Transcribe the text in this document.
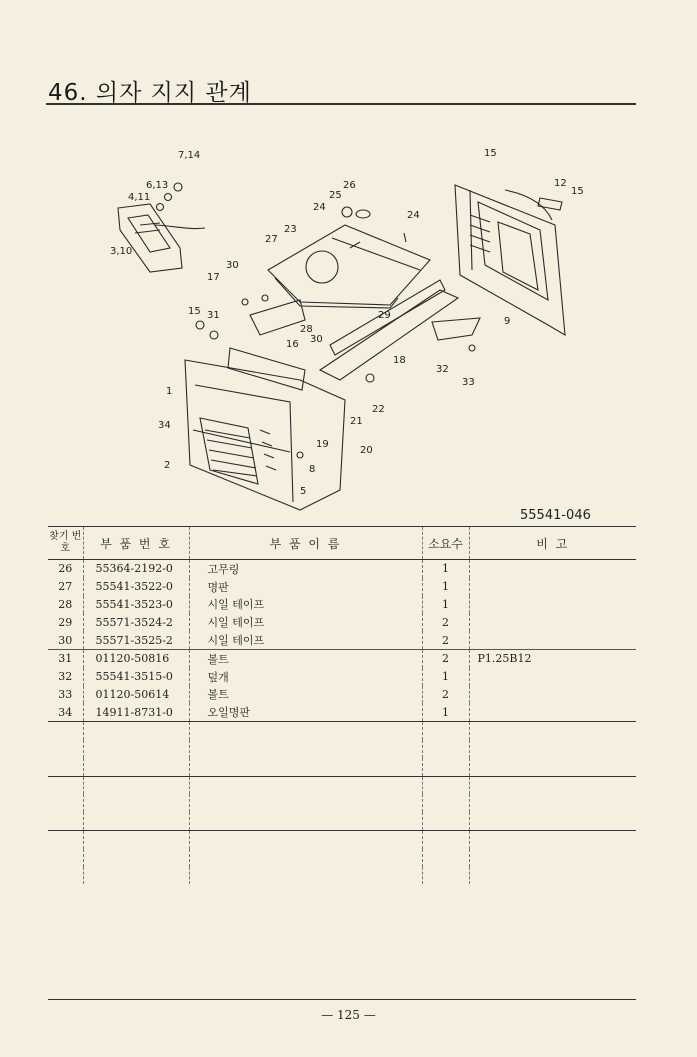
46. 의자 지지 관계
7,14
6,13
4,11
3,10
15
12
15
26
25
24
24
23
27
30
17
15 31	29
28
30
16
18
9
32
33
1
34
2
22
21
19
20
8
5
55541-046
찾기 번호	부 품 번 호	부 품 이 름	소요수	비 고
26	55364-2192-0	고무링	1	
27	55541-3522-0	명판	1	
28	55541-3523-0	시일 테이프	1	
29	55571-3524-2	시일 테이프	2	
30	55571-3525-2	시일 테이프	2	
31	01120-50816	볼트	2	P1.25B12
32	55541-3515-0	덮개	1	
33	01120-50614	볼트	2	
34	14911-8731-0	오일명판	1	

— 125 —
